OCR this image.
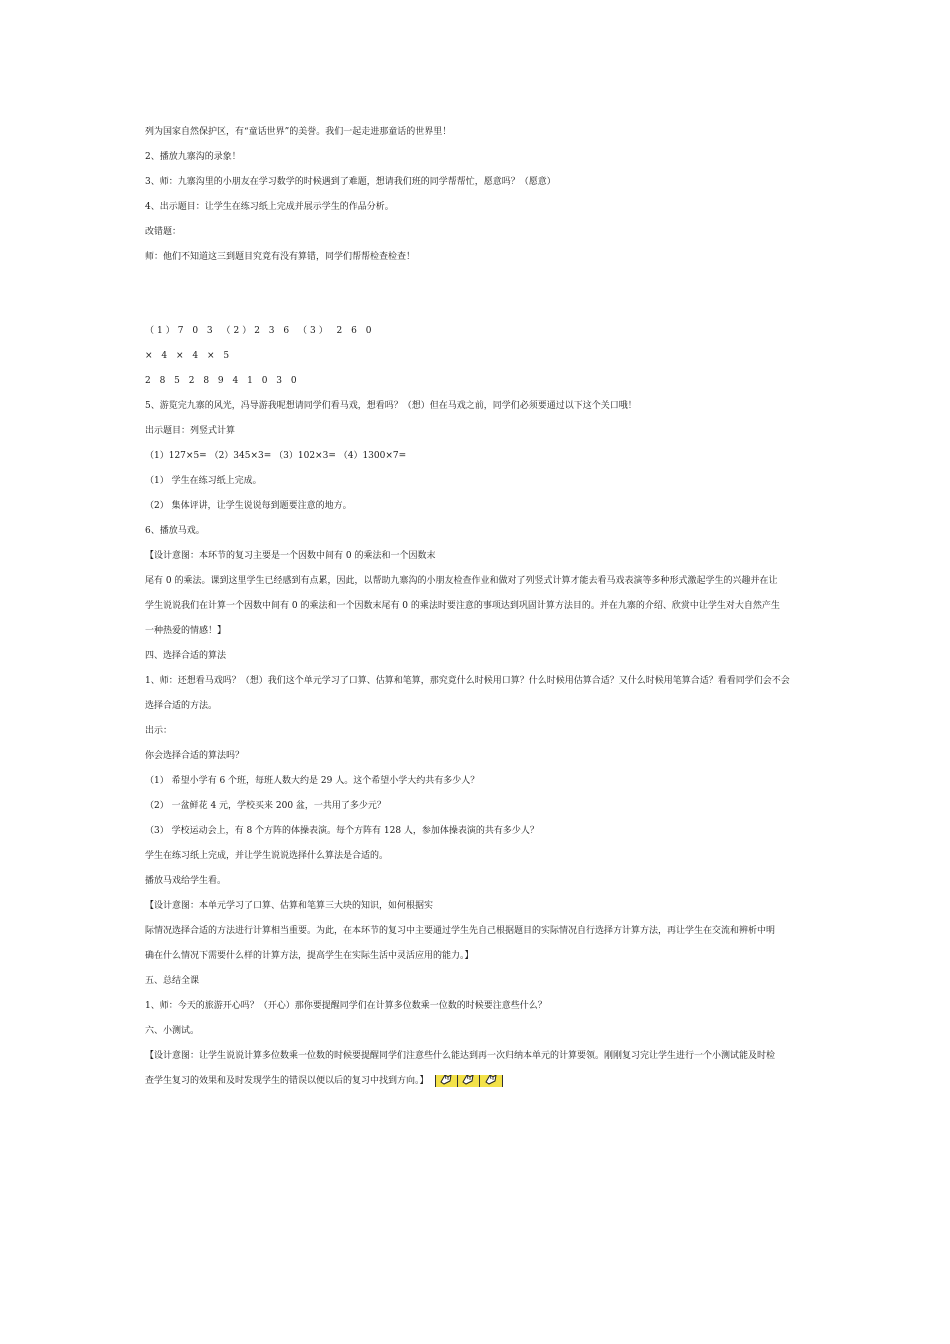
列为国家自然保护区，有“童话世界”的美誉。我们一起走进那童话的世界里！
2、播放九寨沟的录象！
3、师：九寨沟里的小朋友在学习数学的时候遇到了难题，想请我们班的同学帮帮忙，愿意吗？（愿意）
4、出示题目：让学生在练习纸上完成并展示学生的作品分析。
改错题：
师：他们不知道这三到题目究竟有没有算错，同学们帮帮检查检查！
（1）7 0 3 （2）2 3 6 （3） 2 6 0
× 4 × 4 × 5
2 8 5 2 8 9 4 1 0 3 0
5、游览完九寨的风光，冯导游我呢想请同学们看马戏，想看吗？（想）但在马戏之前，同学们必须要通过以下这个关口哦！
出示题目：列竖式计算
（1）127×5= （2）345×3= （3）102×3= （4）1300×7=
（1） 学生在练习纸上完成。
（2） 集体评讲，让学生说说每到题要注意的地方。
6、播放马戏。
【设计意图：本环节的复习主要是一个因数中间有 0 的乘法和一个因数末
尾有 0 的乘法。课到这里学生已经感到有点累，因此，以帮助九寨沟的小朋友检查作业和做对了列竖式计算才能去看马戏表演等多种形式激起学生的兴趣并在让
学生说说我们在计算一个因数中间有 0 的乘法和一个因数末尾有 0 的乘法时要注意的事项达到巩固计算方法目的。并在九寨的介绍、欣赏中让学生对大自然产生
一种热爱的情感！】
四、选择合适的算法
1、师：还想看马戏吗？（想）我们这个单元学习了口算、估算和笔算，那究竟什么时候用口算？什么时候用估算合适？又什么时候用笔算合适？看看同学们会不会
选择合适的方法。
出示：
你会选择合适的算法吗？
（1） 希望小学有 6 个班，每班人数大约是 29 人。这个希望小学大约共有多少人？
（2） 一盆鲜花 4 元，学校买来 200 盆，一共用了多少元？
（3） 学校运动会上，有 8 个方阵的体操表演。每个方阵有 128 人，参加体操表演的共有多少人？
学生在练习纸上完成，并让学生说说选择什么算法是合适的。
播放马戏给学生看。
【设计意图：本单元学习了口算、估算和笔算三大块的知识，如何根据实
际情况选择合适的方法进行计算相当重要。为此，在本环节的复习中主要通过学生先自己根据题目的实际情况自行选择方计算方法，再让学生在交流和辨析中明
确在什么情况下需要什么样的计算方法，提高学生在实际生活中灵活应用的能力。】
五、总结全课
1、师：今天的旅游开心吗？（开心）那你要提醒同学们在计算多位数乘一位数的时候要注意些什么？
六、小测试。
【设计意图：让学生说说计算多位数乘一位数的时候要提醒同学们注意些什么能达到再一次归纳本单元的计算要领。刚刚复习完让学生进行一个小测试能及时检
查学生复习的效果和及时发现学生的错误以便以后的复习中找到方向。】
